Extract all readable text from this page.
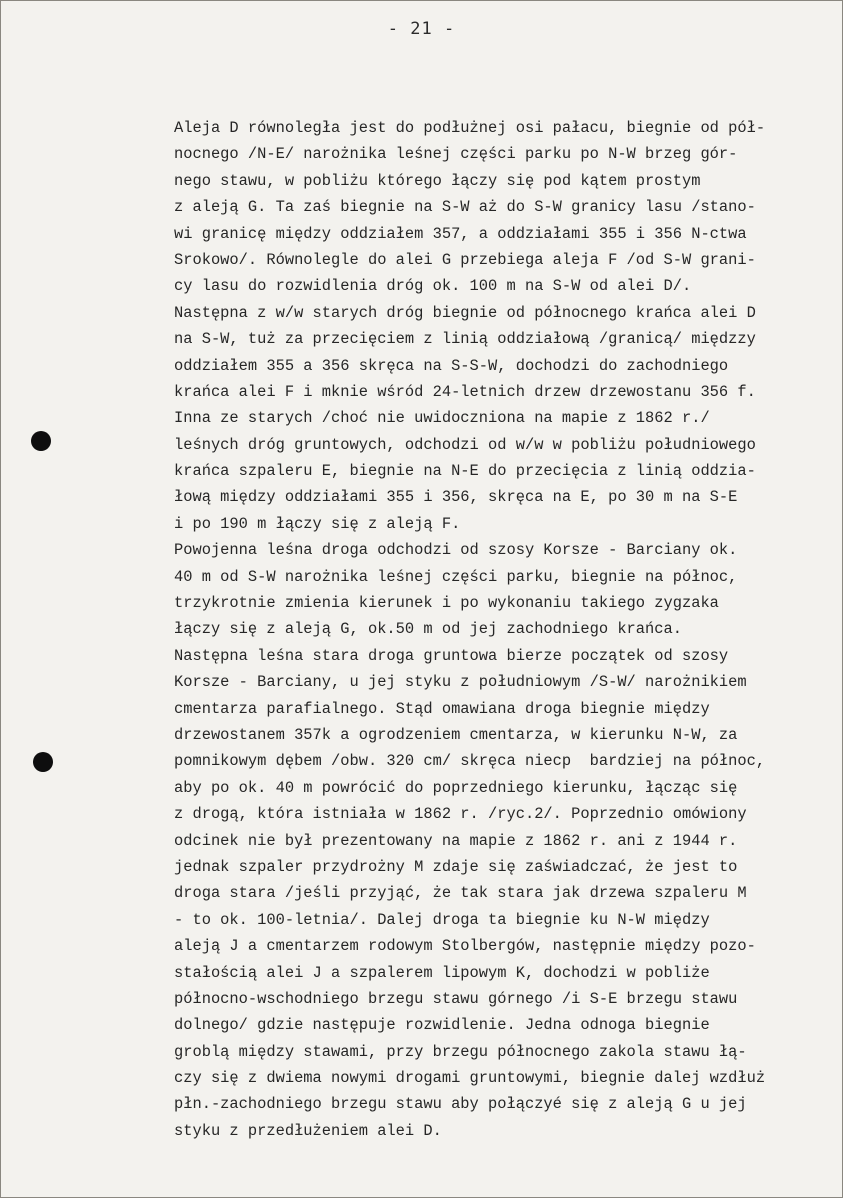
- 21 -
Aleja D równoległa jest do podłużnej osi pałacu, biegnie od pół-
nocnego /N-E/ narożnika leśnej części parku po N-W brzeg gór-
nego stawu, w pobliżu którego łączy się pod kątem prostym
z aleją G. Ta zaś biegnie na S-W aż do S-W granicy lasu /stano-
wi granicę między oddziałem 357, a oddziałami 355 i 356 N-ctwa
Srokowo/. Równolegle do alei G przebiega aleja F /od S-W grani-
cy lasu do rozwidlenia dróg ok. 100 m na S-W od alei D/.
Następna z w/w starych dróg biegnie od północnego krańca alei D
na S-W, tuż za przecięciem z linią oddziałową /granicą/ międzzy
oddziałem 355 a 356 skręca na S-S-W, dochodzi do zachodniego
krańca alei F i mknie wśród 24-letnich drzew drzewostanu 356 f.
Inna ze starych /choć nie uwidoczniona na mapie z 1862 r./
leśnych dróg gruntowych, odchodzi od w/w w pobliżu południowego
krańca szpaleru E, biegnie na N-E do przecięcia z linią oddzia-
łową między oddziałami 355 i 356, skręca na E, po 30 m na S-E
i po 190 m łączy się z aleją F.
Powojenna leśna droga odchodzi od szosy Korsze - Barciany ok.
40 m od S-W narożnika leśnej części parku, biegnie na północ,
trzykrotnie zmienia kierunek i po wykonaniu takiego zygzaka
łączy się z aleją G, ok.50 m od jej zachodniego krańca.
Następna leśna stara droga gruntowa bierze początek od szosy
Korsze - Barciany, u jej styku z południowym /S-W/ narożnikiem
cmentarza parafialnego. Stąd omawiana droga biegnie między
drzewostanem 357k a ogrodzeniem cmentarza, w kierunku N-W, za
pomnikowym dębem /obw. 320 cm/ skręca niecp  bardziej na północ,
aby po ok. 40 m powrócić do poprzedniego kierunku, łącząc się
z drogą, która istniała w 1862 r. /ryc.2/. Poprzednio omówiony
odcinek nie był prezentowany na mapie z 1862 r. ani z 1944 r.
jednak szpaler przydrożny M zdaje się zaświadczać, że jest to
droga stara /jeśli przyjąć, że tak stara jak drzewa szpaleru M
- to ok. 100-letnia/. Dalej droga ta biegnie ku N-W między
aleją J a cmentarzem rodowym Stolbergów, następnie między pozo-
stałością alei J a szpalerem lipowym K, dochodzi w pobliże
północno-wschodniego brzegu stawu górnego /i S-E brzegu stawu
dolnego/ gdzie następuje rozwidlenie. Jedna odnoga biegnie
groblą między stawami, przy brzegu północnego zakola stawu łą-
czy się z dwiema nowymi drogami gruntowymi, biegnie dalej wzdłuż
płn.-zachodniego brzegu stawu aby połączyé się z aleją G u jej
styku z przedłużeniem alei D.
